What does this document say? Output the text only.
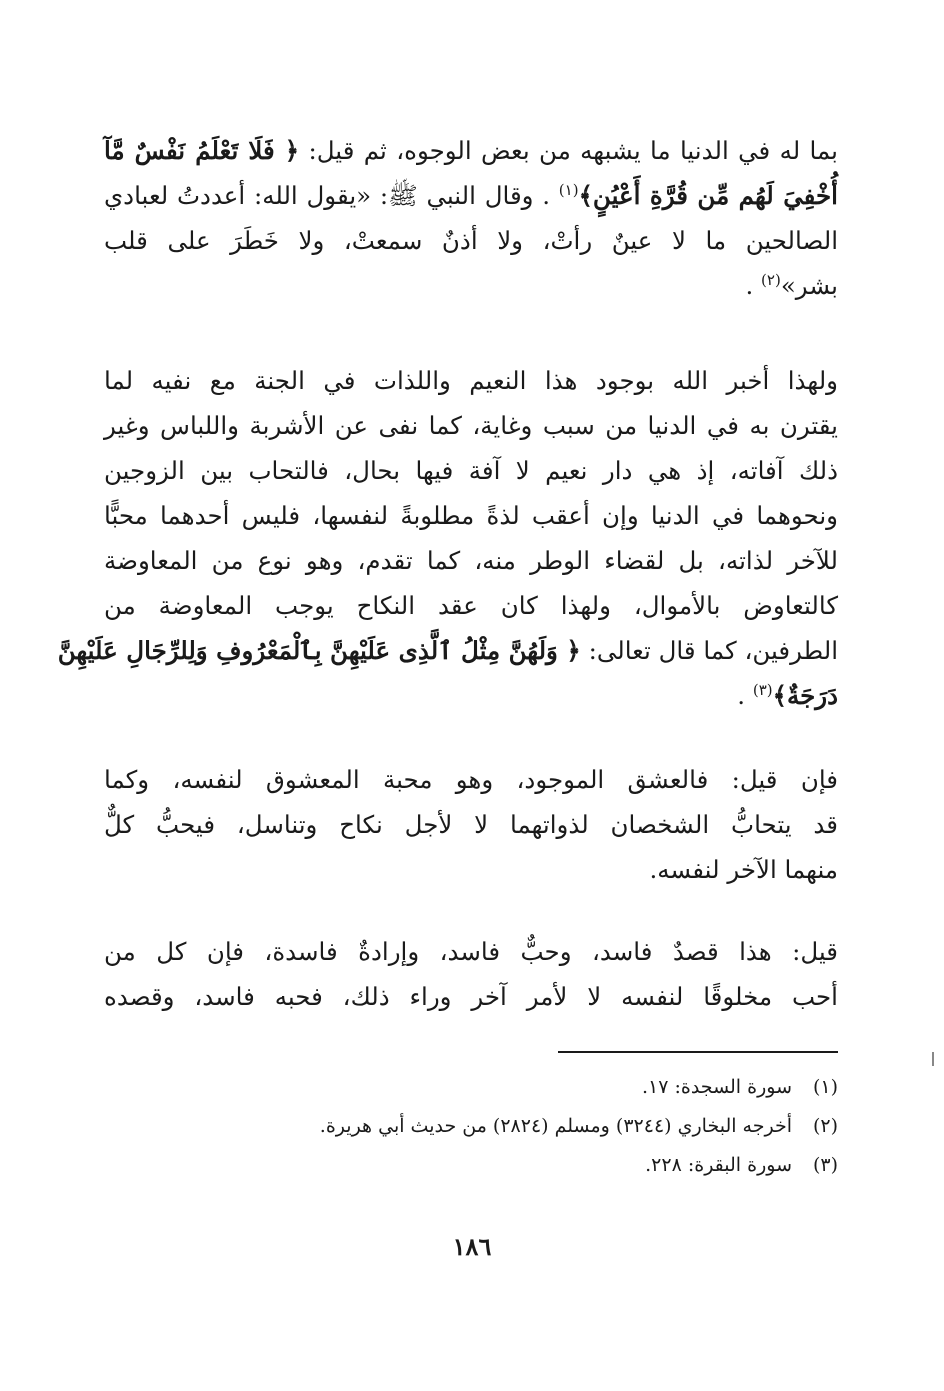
بما له في الدنيا ما يشبهه من بعض الوجوه، ثم قيل: ﴿ فَلَا تَعْلَمُ نَفْسٌ مَّآ
أُخْفِيَ لَهُم مِّن قُرَّةِ أَعْيُنٍ﴾$^{(١)}$ . وقال النبي ﷺ: «يقول الله: أعددتُ لعبادي
الصالحين ما لا عينٌ رأتْ، ولا أذنٌ سمعتْ، ولا خَطَرَ على قلب
بشر»$^{(٢)}$ .
ولهذا أخبر الله بوجود هذا النعيم واللذات في الجنة مع نفيه لما
يقترن به في الدنيا من سبب وغاية، كما نفى عن الأشربة واللباس وغير
ذلك آفاته، إذ هي دار نعيم لا آفة فيها بحال، فالتحاب بين الزوجين
ونحوهما في الدنيا وإن أعقب لذةً مطلوبةً لنفسها، فليس أحدهما محبًّا
للآخر لذاته، بل لقضاء الوطر منه، كما تقدم، وهو نوع من المعاوضة
كالتعاوض بالأموال، ولهذا كان عقد النكاح يوجب المعاوضة من
الطرفين، كما قال تعالى: ﴿ وَلَهُنَّ مِثْلُ ٱلَّذِى عَلَيْهِنَّ بِٱلْمَعْرُوفِ وَلِلرِّجَالِ عَلَيْهِنَّ
دَرَجَةٌ﴾$^{(٣)}$ .
فإن قيل: فالعشق الموجود، وهو محبة المعشوق لنفسه، وكما
قد يتحابُّ الشخصان لذواتهما لا لأجل نكاح وتناسل، فيحبُّ كلٌّ
منهما الآخر لنفسه.
قيل: هذا قصدٌ فاسد، وحبٌّ فاسد، وإرادةٌ فاسدة، فإن كل من
أحب مخلوقًا لنفسه لا لأمر آخر وراء ذلك، فحبه فاسد، وقصده
(١)سورة السجدة: ١٧.
(٢)أخرجه البخاري (٣٢٤٤) ومسلم (٢٨٢٤) من حديث أبي هريرة.
(٣)سورة البقرة: ٢٢٨.
١٨٦
